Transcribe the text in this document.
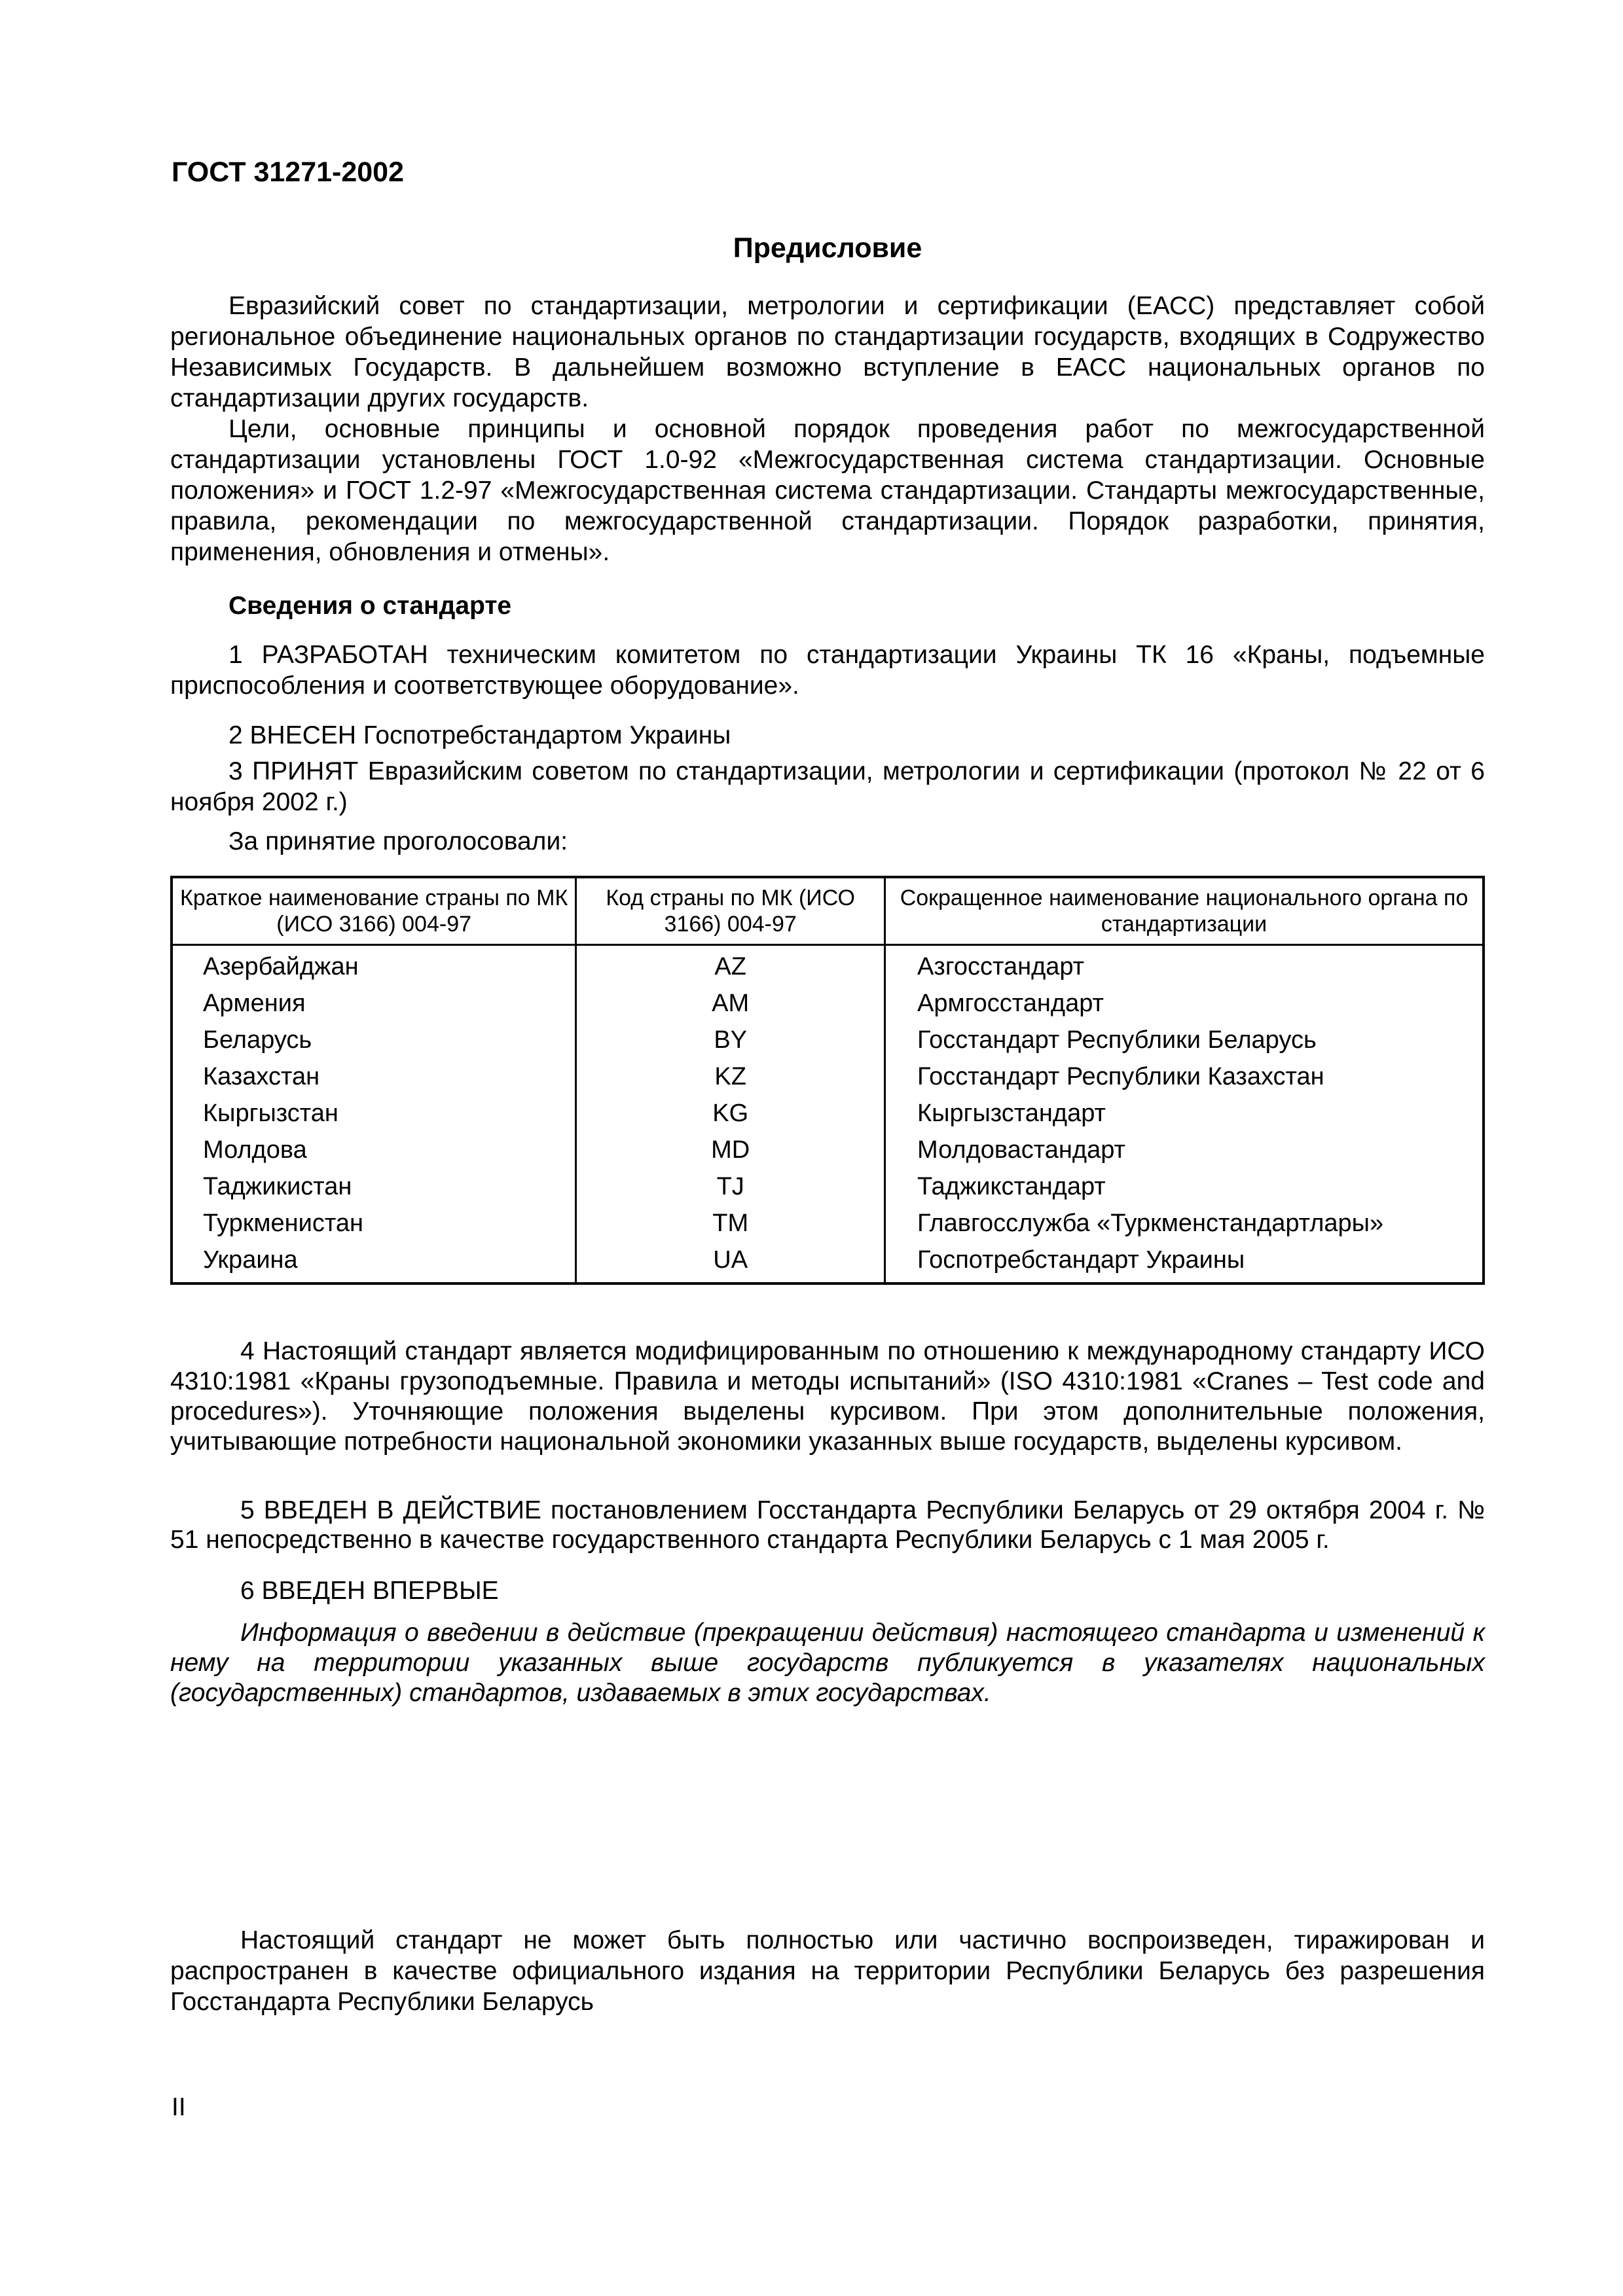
ГОСТ 31271-2002
Предисловие

Евразийский совет по стандартизации, метрологии и сертификации (ЕАСС) представляет собой региональное объединение национальных органов по стандартизации государств, входящих в Содружество Независимых Государств. В дальнейшем возможно вступление в ЕАСС национальных органов по стандартизации других государств.

Цели, основные принципы и основной порядок проведения работ по межгосударственной стандартизации установлены ГОСТ 1.0-92 «Межгосударственная система стандартизации. Основные положения» и ГОСТ 1.2-97 «Межгосударственная система стандартизации. Стандарты межгосударственные, правила, рекомендации по межгосударственной стандартизации. Порядок разработки, принятия, применения, обновления и отмены».

Сведения о стандарте

1 РАЗРАБОТАН техническим комитетом по стандартизации Украины ТК 16 «Краны, подъемные приспособления и соответствующее оборудование».

2 ВНЕСЕН Госпотребстандартом Украины

3 ПРИНЯТ Евразийским советом по стандартизации, метрологии и сертификации (протокол № 22 от 6 ноября 2002 г.)

За принятие проголосовали:

Краткое наименование страны по МК (ИСО 3166) 004-97	Код страны по МК (ИСО 3166) 004-97	Сокращенное наименование национального органа по стандартизации
Азербайджан	AZ	Азгосстандарт
Армения	AM	Армгосстандарт
Беларусь	BY	Госстандарт Республики Беларусь
Казахстан	KZ	Госстандарт Республики Казахстан
Кыргызстан	KG	Кыргызстандарт
Молдова	MD	Молдовастандарт
Таджикистан	TJ	Таджикстандарт
Туркменистан	TM	Главгосслужба «Туркменстандартлары»
Украина	UA	Госпотребстандарт Украины

4 Настоящий стандарт является модифицированным по отношению к международному стандарту ИСО 4310:1981 «Краны грузоподъемные. Правила и методы испытаний» (ISO 4310:1981 «Cranes – Test code and procedures»). Уточняющие положения выделены курсивом. При этом дополнительные положения, учитывающие потребности национальной экономики указанных выше государств, выделены курсивом.

5 ВВЕДЕН В ДЕЙСТВИЕ постановлением Госстандарта Республики Беларусь от 29 октября 2004 г. № 51 непосредственно в качестве государственного стандарта Республики Беларусь с 1 мая 2005 г.

6 ВВЕДЕН ВПЕРВЫЕ

Информация о введении в действие (прекращении действия) настоящего стандарта и изменений к нему на территории указанных выше государств публикуется в указателях национальных (государственных) стандартов, издаваемых в этих государствах.

Настоящий стандарт не может быть полностью или частично воспроизведен, тиражирован и распространен в качестве официального издания на территории Республики Беларусь без разрешения Госстандарта Республики Беларусь

II
